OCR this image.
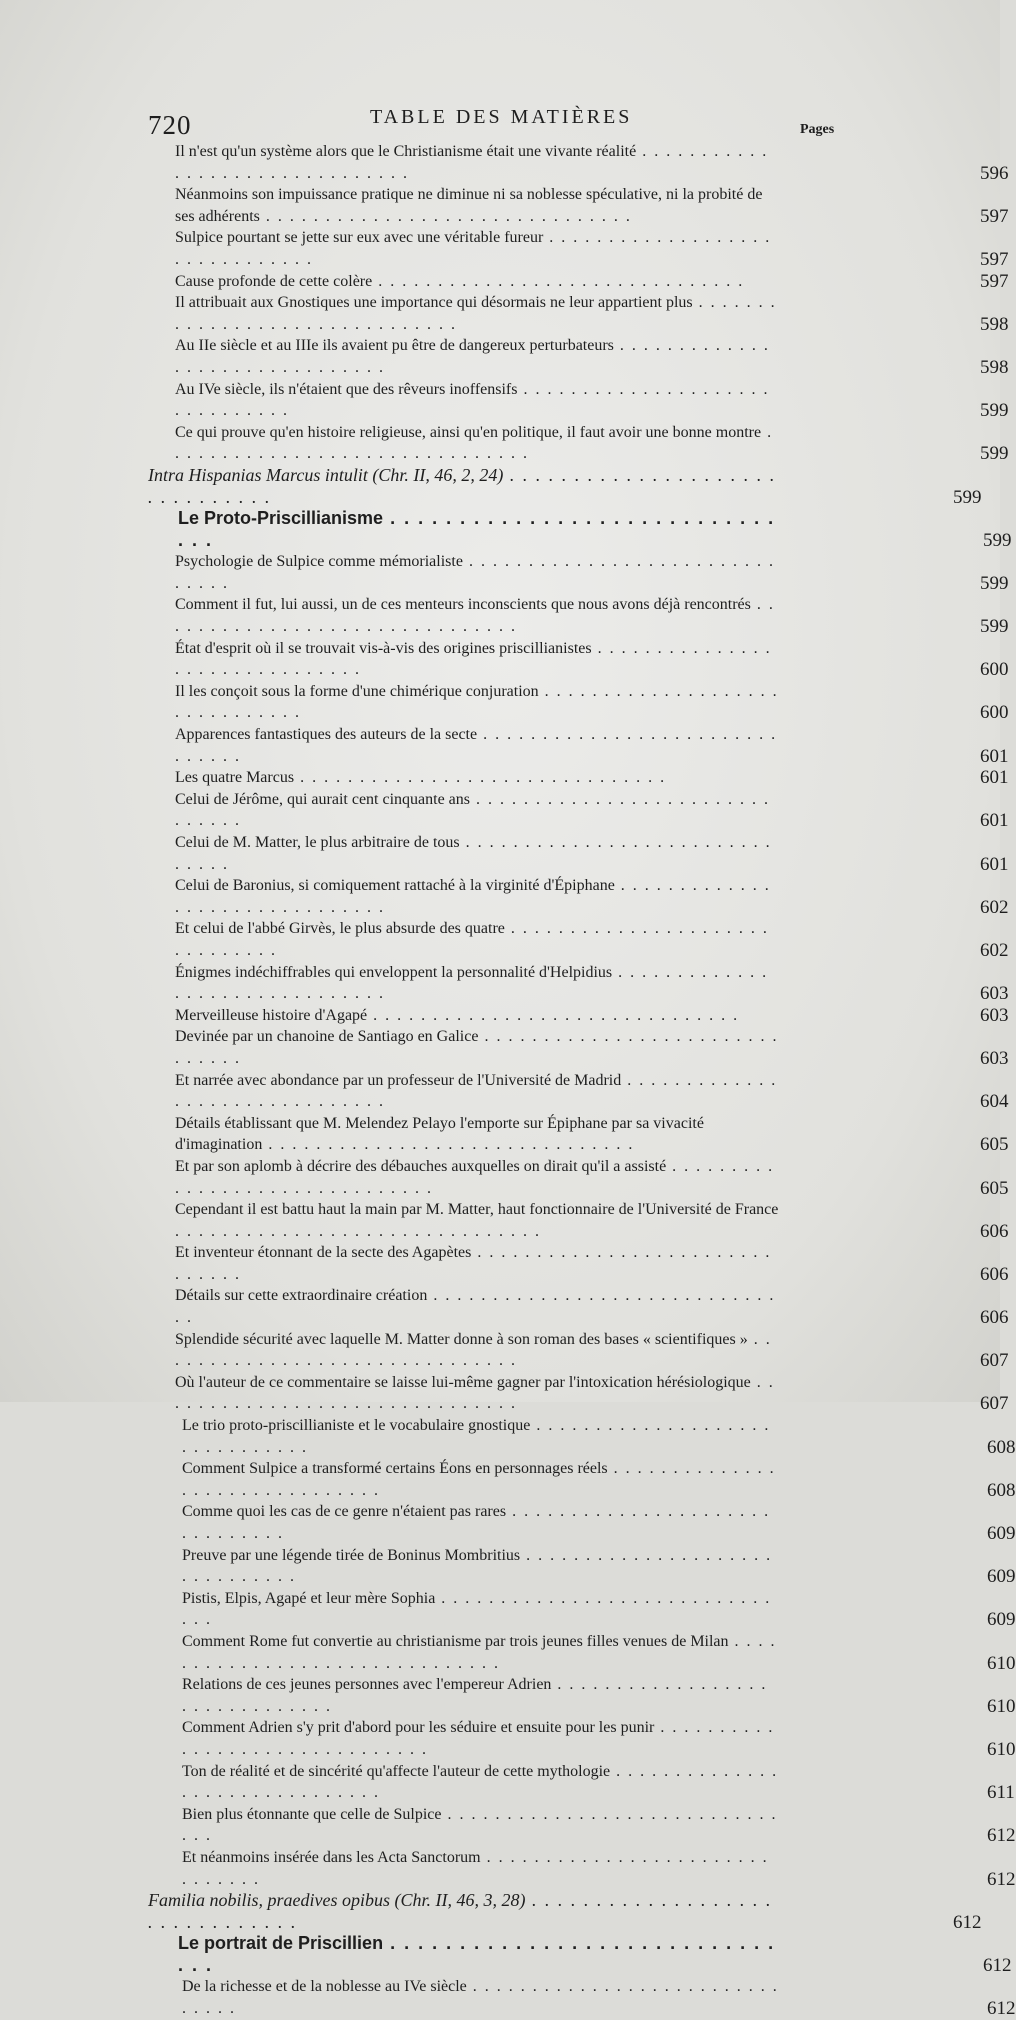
720	TABLE DES MATIÈRES
Pages
Il n'est qu'un système alors que le Christianisme était une vivante réalité . . . . . . . . . . . . . . . . . . . . . . . . . . . . . . .	596
Néanmoins son impuissance pratique ne diminue ni sa noblesse spéculative, ni la probité de ses adhérents . . . . . . . . . . . . . . . . . . . . . . . . . . . . . . .	597
Sulpice pourtant se jette sur eux avec une véritable fureur . . . . . . . . . . . . . . . . . . . . . . . . . . . . . . .	597
Cause profonde de cette colère . . . . . . . . . . . . . . . . . . . . . . . . . . . . . . .	597
Il attribuait aux Gnostiques une importance qui désormais ne leur appartient plus . . . . . . . . . . . . . . . . . . . . . . . . . . . . . . .	598
Au IIe siècle et au IIIe ils avaient pu être de dangereux perturbateurs . . . . . . . . . . . . . . . . . . . . . . . . . . . . . . .	598
Au IVe siècle, ils n'étaient que des rêveurs inoffensifs . . . . . . . . . . . . . . . . . . . . . . . . . . . . . . .	599
Ce qui prouve qu'en histoire religieuse, ainsi qu'en politique, il faut avoir une bonne montre . . . . . . . . . . . . . . . . . . . . . . . . . . . . . . .	599
Intra Hispanias Marcus intulit (Chr. II, 46, 2, 24) . . . . . . . . . . . . . . . . . . . . . . . . . . . . . . .	599
Le Proto-Priscillianisme . . . . . . . . . . . . . . . . . . . . . . . . . . . . . . .	599
Psychologie de Sulpice comme mémorialiste . . . . . . . . . . . . . . . . . . . . . . . . . . . . . . .	599
Comment il fut, lui aussi, un de ces menteurs inconscients que nous avons déjà rencontrés . . . . . . . . . . . . . . . . . . . . . . . . . . . . . . .	599
État d'esprit où il se trouvait vis-à-vis des origines priscillianistes . . . . . . . . . . . . . . . . . . . . . . . . . . . . . . .	600
Il les conçoit sous la forme d'une chimérique conjuration . . . . . . . . . . . . . . . . . . . . . . . . . . . . . . .	600
Apparences fantastiques des auteurs de la secte . . . . . . . . . . . . . . . . . . . . . . . . . . . . . . .	601
Les quatre Marcus . . . . . . . . . . . . . . . . . . . . . . . . . . . . . . .	601
Celui de Jérôme, qui aurait cent cinquante ans . . . . . . . . . . . . . . . . . . . . . . . . . . . . . . .	601
Celui de M. Matter, le plus arbitraire de tous . . . . . . . . . . . . . . . . . . . . . . . . . . . . . . .	601
Celui de Baronius, si comiquement rattaché à la virginité d'Épiphane . . . . . . . . . . . . . . . . . . . . . . . . . . . . . . .	602
Et celui de l'abbé Girvès, le plus absurde des quatre . . . . . . . . . . . . . . . . . . . . . . . . . . . . . . .	602
Énigmes indéchiffrables qui enveloppent la personnalité d'Helpidius . . . . . . . . . . . . . . . . . . . . . . . . . . . . . . .	603
Merveilleuse histoire d'Agapé . . . . . . . . . . . . . . . . . . . . . . . . . . . . . . .	603
Devinée par un chanoine de Santiago en Galice . . . . . . . . . . . . . . . . . . . . . . . . . . . . . . .	603
Et narrée avec abondance par un professeur de l'Université de Madrid . . . . . . . . . . . . . . . . . . . . . . . . . . . . . . .	604
Détails établissant que M. Melendez Pelayo l'emporte sur Épiphane par sa vivacité d'imagination . . . . . . . . . . . . . . . . . . . . . . . . . . . . . . .	605
Et par son aplomb à décrire des débauches auxquelles on dirait qu'il a assisté . . . . . . . . . . . . . . . . . . . . . . . . . . . . . . .	605
Cependant il est battu haut la main par M. Matter, haut fonctionnaire de l'Université de France . . . . . . . . . . . . . . . . . . . . . . . . . . . . . . .	606
Et inventeur étonnant de la secte des Agapètes . . . . . . . . . . . . . . . . . . . . . . . . . . . . . . .	606
Détails sur cette extraordinaire création . . . . . . . . . . . . . . . . . . . . . . . . . . . . . . .	606
Splendide sécurité avec laquelle M. Matter donne à son roman des bases « scientifiques » . . . . . . . . . . . . . . . . . . . . . . . . . . . . . . .	607
Où l'auteur de ce commentaire se laisse lui-même gagner par l'intoxication hérésiologique . . . . . . . . . . . . . . . . . . . . . . . . . . . . . . .	607
Le trio proto-priscillianiste et le vocabulaire gnostique . . . . . . . . . . . . . . . . . . . . . . . . . . . . . . .	608
Comment Sulpice a transformé certains Éons en personnages réels . . . . . . . . . . . . . . . . . . . . . . . . . . . . . . .	608
Comme quoi les cas de ce genre n'étaient pas rares . . . . . . . . . . . . . . . . . . . . . . . . . . . . . . .	609
Preuve par une légende tirée de Boninus Mombritius . . . . . . . . . . . . . . . . . . . . . . . . . . . . . . .	609
Pistis, Elpis, Agapé et leur mère Sophia . . . . . . . . . . . . . . . . . . . . . . . . . . . . . . .	609
Comment Rome fut convertie au christianisme par trois jeunes filles venues de Milan . . . . . . . . . . . . . . . . . . . . . . . . . . . . . . .	610
Relations de ces jeunes personnes avec l'empereur Adrien . . . . . . . . . . . . . . . . . . . . . . . . . . . . . . .	610
Comment Adrien s'y prit d'abord pour les séduire et ensuite pour les punir . . . . . . . . . . . . . . . . . . . . . . . . . . . . . . .	610
Ton de réalité et de sincérité qu'affecte l'auteur de cette mythologie . . . . . . . . . . . . . . . . . . . . . . . . . . . . . . .	611
Bien plus étonnante que celle de Sulpice . . . . . . . . . . . . . . . . . . . . . . . . . . . . . . .	612
Et néanmoins insérée dans les Acta Sanctorum . . . . . . . . . . . . . . . . . . . . . . . . . . . . . . .	612
Familia nobilis, praedives opibus (Chr. II, 46, 3, 28) . . . . . . . . . . . . . . . . . . . . . . . . . . . . . . .	612
Le portrait de Priscillien . . . . . . . . . . . . . . . . . . . . . . . . . . . . . . .	612
De la richesse et de la noblesse au IVe siècle . . . . . . . . . . . . . . . . . . . . . . . . . . . . . . .	612
